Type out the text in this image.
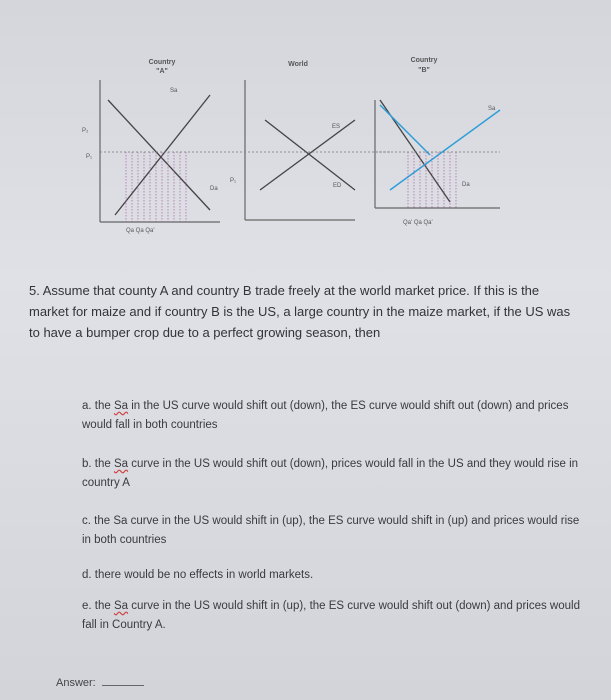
Country
"A"
Sa
Da
P₂
P₁
Qa Qa Qa'
World
ES
ED
P₁
Country
"B"
Sa
Da
Qa' Qa Qa'
5. Assume that county A and country B trade freely at the world market price. If this is the market for maize and if country B is the US, a large country in the maize market, if the US was to have a bumper crop due to a perfect growing season, then
a. the Sa in the US curve would shift out (down), the ES curve would shift out (down) and prices would fall in both countries
b. the Sa curve in the US would shift out (down), prices would fall in the US and they would rise in country A
c. the Sa curve in the US would shift in (up), the ES curve would shift in (up) and prices would rise in both countries
d. there would be no effects in world markets.
e. the Sa curve in the US would shift in (up), the ES curve would shift out (down) and prices would fall in Country A.
Answer:
